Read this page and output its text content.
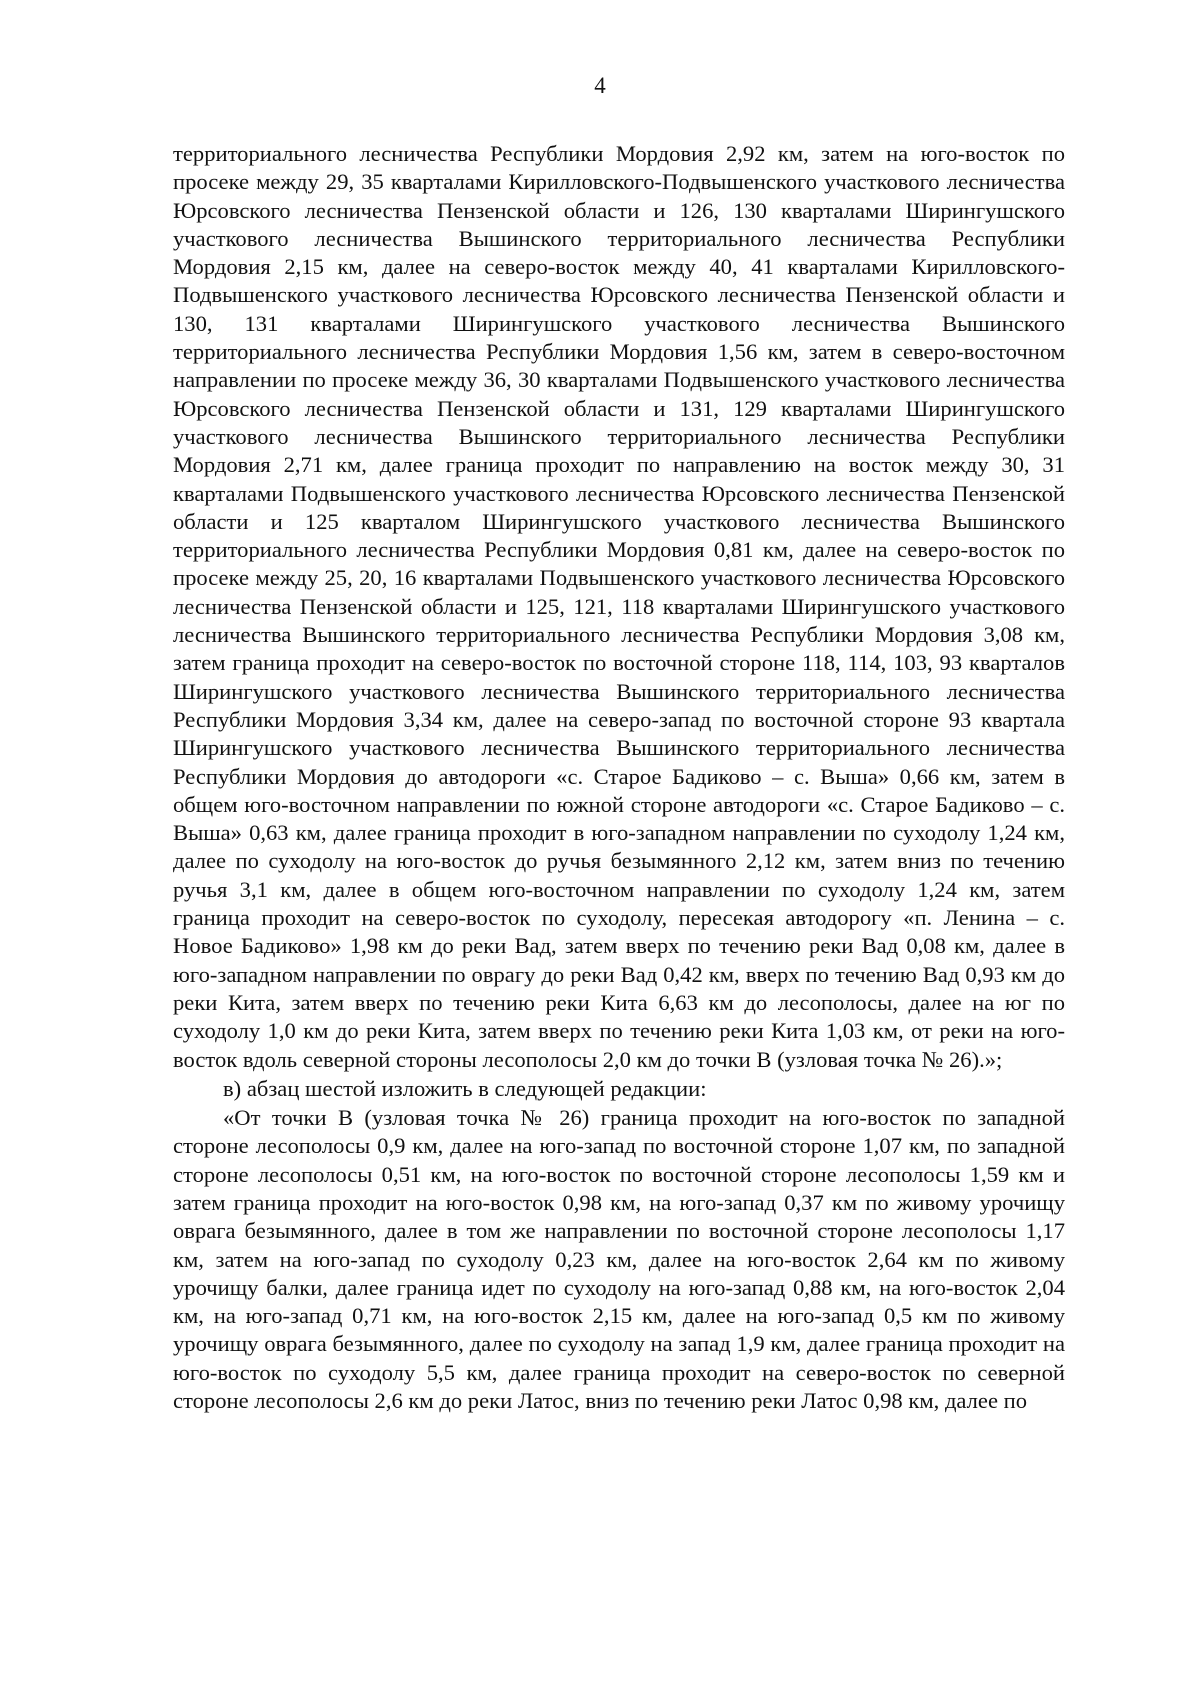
4

территориального лесничества Республики Мордовия 2,92 км, затем на юго-восток по просеке между 29, 35 кварталами Кирилловского-Подвышенского участкового лесничества Юрсовского лесничества Пензенской области и 126, 130 кварталами Ширингушского участкового лесничества Вышинского территориального лесничества Республики Мордовия 2,15 км, далее на северо-восток между 40, 41 кварталами Кирилловского-Подвышенского участкового лесничества Юрсовского лесничества Пензенской области и 130, 131 кварталами Ширингушского участкового лесничества Вышинского территориального лесничества Республики Мордовия 1,56 км, затем в северо-восточном направлении по просеке между 36, 30 кварталами Подвышенского участкового лесничества Юрсовского лесничества Пензенской области и 131, 129 кварталами Ширингушского участкового лесничества Вышинского территориального лесничества Республики Мордовия 2,71 км, далее граница проходит по направлению на восток между 30, 31 кварталами Подвышенского участкового лесничества Юрсовского лесничества Пензенской области и 125 кварталом Ширингушского участкового лесничества Вышинского территориального лесничества Республики Мордовия 0,81 км, далее на северо-восток по просеке между 25, 20, 16 кварталами Подвышенского участкового лесничества Юрсовского лесничества Пензенской области и 125, 121, 118 кварталами Ширингушского участкового лесничества Вышинского территориального лесничества Республики Мордовия 3,08 км, затем граница проходит на северо-восток по восточной стороне 118, 114, 103, 93 кварталов Ширингушского участкового лесничества Вышинского территориального лесничества Республики Мордовия 3,34 км, далее на северо-запад по восточной стороне 93 квартала Ширингушского участкового лесничества Вышинского территориального лесничества Республики Мордовия до автодороги «с. Старое Бадиково – с. Выша» 0,66 км, затем в общем юго-восточном направлении по южной стороне автодороги «с. Старое Бадиково – с. Выша» 0,63 км, далее граница проходит в юго-западном направлении по суходолу 1,24 км, далее по суходолу на юго-восток до ручья безымянного 2,12 км, затем вниз по течению ручья 3,1 км, далее в общем юго-восточном направлении по суходолу 1,24 км, затем граница проходит на северо-восток по суходолу, пересекая автодорогу «п. Ленина – с. Новое Бадиково» 1,98 км до реки Вад, затем вверх по течению реки Вад 0,08 км, далее в юго-западном направлении по оврагу до реки Вад 0,42 км, вверх по течению Вад 0,93 км до реки Кита, затем вверх по течению реки Кита 6,63 км до лесополосы, далее на юг по суходолу 1,0 км до реки Кита, затем вверх по течению реки Кита 1,03 км, от реки на юго-восток вдоль северной стороны лесополосы 2,0 км до точки В (узловая точка № 26).»;

в) абзац шестой изложить в следующей редакции:

«От точки В (узловая точка № 26) граница проходит на юго-восток по западной стороне лесополосы 0,9 км, далее на юго-запад по восточной стороне 1,07 км, по западной стороне лесополосы 0,51 км, на юго-восток по восточной стороне лесополосы 1,59 км и затем граница проходит на юго-восток 0,98 км, на юго-запад 0,37 км по живому урочищу оврага безымянного, далее в том же направлении по восточной стороне лесополосы 1,17 км, затем на юго-запад по суходолу 0,23 км, далее на юго-восток 2,64 км по живому урочищу балки, далее граница идет по суходолу на юго-запад 0,88 км, на юго-восток 2,04 км, на юго-запад 0,71 км, на юго-восток 2,15 км, далее на юго-запад 0,5 км по живому урочищу оврага безымянного, далее по суходолу на запад 1,9 км, далее граница проходит на юго-восток по суходолу 5,5 км, далее граница проходит на северо-восток по северной стороне лесополосы 2,6 км до реки Латос, вниз по течению реки Латос 0,98 км, далее по
